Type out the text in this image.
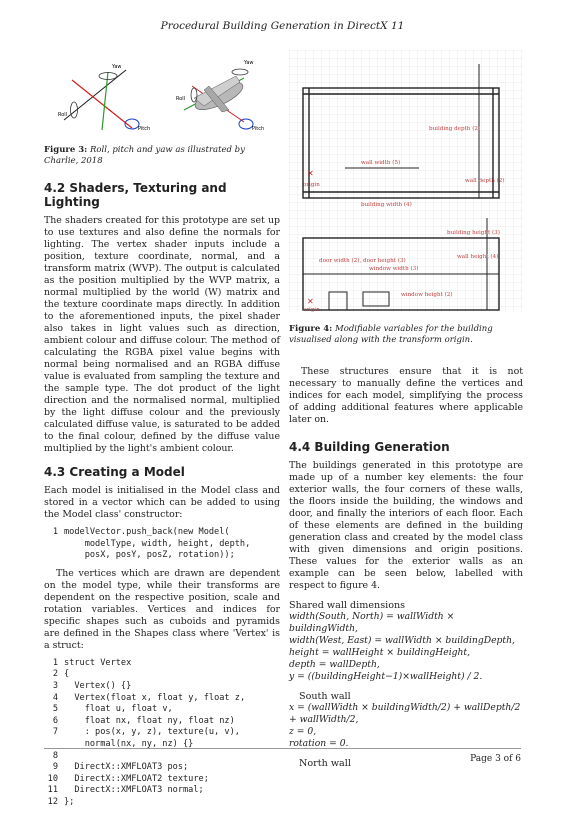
Procedural Building Generation in DirectX 11
Yaw
Roll
Pitch
Yaw
Roll
Pitch
Figure 3: Roll, pitch and yaw as illustrated by Charlie, 2018
4.2 Shaders, Texturing and Lighting

The shaders created for this prototype are set up to use textures and also define the normals for lighting. The vertex shader inputs include a position, texture coordinate, normal, and a transform matrix (WVP). The output is calculated as the position multiplied by the WVP matrix, a normal multiplied by the world (W) matrix and the texture coordinate maps directly. In addition to the aforementioned inputs, the pixel shader also takes in light values such as direction, ambient colour and diffuse colour. The method of calculating the RGBA pixel value begins with normal being normalised and an RGBA diffuse value is evaluated from sampling the texture and the sample type. The dot product of the light direction and the normalised normal, multiplied by the light diffuse colour and the previously calculated diffuse value, is saturated to be added to the final colour, defined by the diffuse value multiplied by the light's ambient colour.

4.3 Creating a Model

Each model is initialised in the Model class and stored in a vector which can be added to using the Model class' constructor:

1 modelVector.push_back(new Model(
modelType, width, height, depth,
posX, posY, posZ, rotation));

The vertices which are drawn are dependent on the model type, while their transforms are dependent on the respective position, scale and rotation variables. Vertices and indices for specific shapes such as cuboids and pyramids are defined in the Shapes class where 'Vertex' is a struct:

1 struct Vertex
2 {
3  Vertex() {}
4  Vertex(float x, float y, float z,
5	float u, float v,
6	float nx, float ny, float nz)
7    : pos(x, y, z), texture(u, v),
normal(nx, ny, nz) {}
8
9  DirectX::XMFLOAT3 pos;
10  DirectX::XMFLOAT2 texture;
11  DirectX::XMFLOAT3 normal;
12 };
building depth (2)
wall width (5)
wall depth (2)
✕
origin
building width (4)
building height (3)
door width (2), door height (3)
window width (3)
wall height (4)
window height (2)
✕
origin
Figure 4: Modifiable variables for the building visualised along with the transform origin.

These structures ensure that it is not necessary to manually define the vertices and indices for each model, simplifying the process of adding additional features where applicable later on.

4.4 Building Generation

The buildings generated in this prototype are made up of a number key elements: the four exterior walls, the four corners of these walls, the floors inside the building, the windows and door, and finally the interiors of each floor. Each of these elements are defined in the building generation class and created by the model class with given dimensions and origin positions. These values for the exterior walls as an example can be seen below, labelled with respect to figure 4.

Shared wall dimensions
width(South, North) = wallWidth × buildingWidth,
width(West, East) = wallWidth × buildingDepth,
height = wallHeight × buildingHeight,
depth = wallDepth,
y = ((buildingHeight−1)×wallHeight) / 2.
South wall
x = (wallWidth × buildingWidth/2) + wallDepth/2 + wallWidth/2,
z = 0,
rotation = 0.
North wall	Page 3 of 6
